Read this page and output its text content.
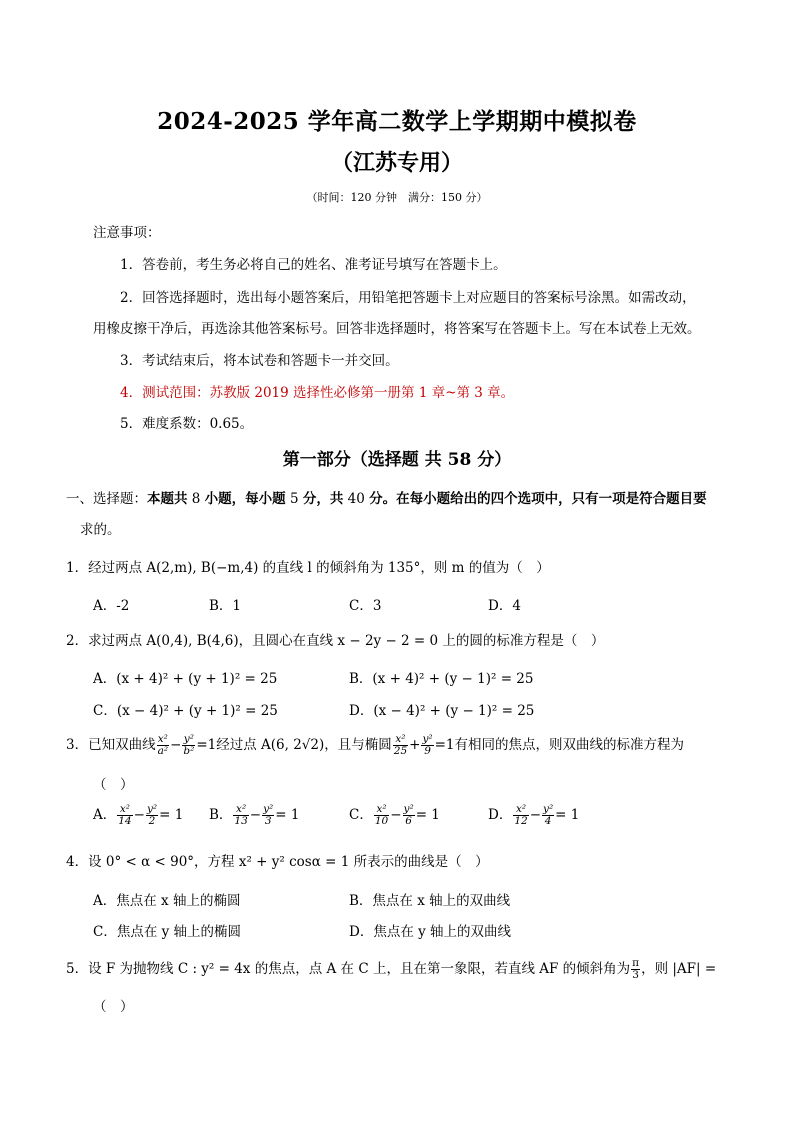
2024-2025 学年高二数学上学期期中模拟卷
（江苏专用）
（时间：120 分钟　满分：150 分）
注意事项：
1．答卷前，考生务必将自己的姓名、准考证号填写在答题卡上。
2．回答选择题时，选出每小题答案后，用铅笔把答题卡上对应题目的答案标号涂黑。如需改动，
用橡皮擦干净后，再选涂其他答案标号。回答非选择题时，将答案写在答题卡上。写在本试卷上无效。
3．考试结束后，将本试卷和答题卡一并交回。
4．测试范围：苏教版 2019 选择性必修第一册第 1 章~第 3 章。
5．难度系数：0.65。
第一部分（选择题 共 58 分）
一、选择题：本题共 8 小题，每小题 5 分，共 40 分。在每小题给出的四个选项中，只有一项是符合题目要
求的。
1．经过两点 A(2,m), B(−m,4) 的直线 l 的倾斜角为 135°，则 m 的值为（　）
A．-2	B．1	C．3	D．4
2．求过两点 A(0,4), B(4,6)，且圆心在直线 x − 2y − 2 = 0 上的圆的标准方程是（　）
A．(x + 4)² + (y + 1)² = 25	B．(x + 4)² + (y − 1)² = 25
C．(x − 4)² + (y + 1)² = 25	D．(x − 4)² + (y − 1)² = 25
3．已知双曲线 $\frac{\text{x²}}{\text{a²}} - \frac{\text{y²}}{\text{b²}} =1$经过点 A(6, 2√2)，且与椭圆 $\frac{\text{x²}}{25} + \frac{\text{y²}}{9} =1$有相同的焦点，则双曲线的标准方程为
（　）
A． $\frac{\text{x²}}{14} - \frac{\text{y²}}{2} = 1$ B． $\frac{\text{x²}}{13} - \frac{\text{y²}}{3} = 1$	C． $\frac{\text{x²}}{10} - \frac{\text{y²}}{6} = 1$	D． $\frac{\text{x²}}{12} - \frac{\text{y²}}{4} = 1$
4．设 0° < α < 90°，方程 x² + y² cosα = 1 所表示的曲线是（　）
A．焦点在 x 轴上的椭圆	B．焦点在 x 轴上的双曲线
C．焦点在 y 轴上的椭圆	D．焦点在 y 轴上的双曲线
5．设 F 为抛物线 C : y² = 4x 的焦点，点 A 在 C 上，且在第一象限，若直线 AF 的倾斜角为 $\frac{\pi}{3}$ ，则 |AF| =
（　）
